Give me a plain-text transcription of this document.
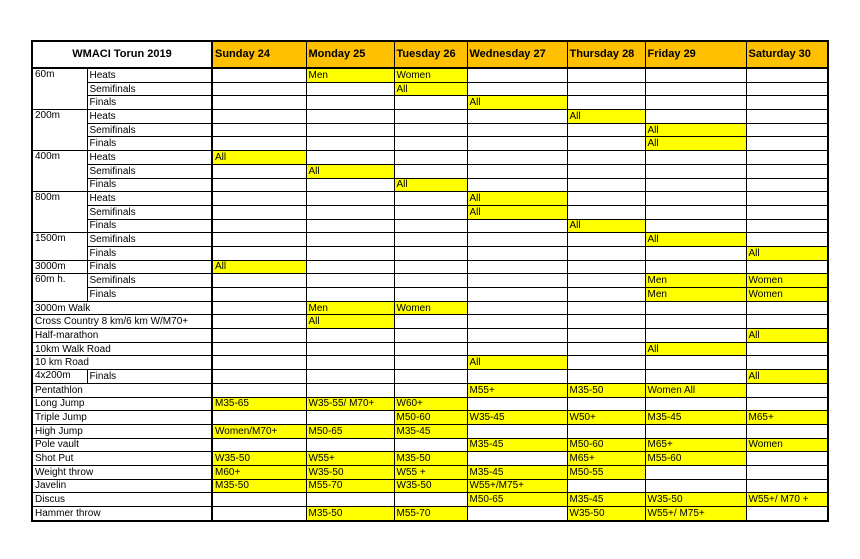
WMACI Torun 2019		Sunday 24	Monday 25	Tuesday 26	Wednesday 27	Thursday 28	Friday 29	Saturday 30
60m	Heats		Men	Women				
	Semifinals			All				
	Finals				All			
200m	Heats					All		
	Semifinals						All	
	Finals						All	
400m	Heats	All						
	Semifinals		All					
	Finals			All				
800m	Heats				All			
	Semifinals				All			
	Finals					All		
1500m	Semifinals						All	
	Finals							All
3000m	Finals	All						
60m h.	Semifinals						Men	Women
	Finals						Men	Women
3000m Walk			Men	Women				
Cross Country 8 km/6 km W/M70+			All					
Half-marathon								All
10km Walk Road							All	
10 km Road					All			
4x200m	Finals							All
Pentathlon					M55+	M35-50	Women All	
Long Jump		M35-65	W35-55/ M70+	W60+				
Triple Jump				M50-60	W35-45	W50+	M35-45	M65+
High Jump		Women/M70+	M50-65	M35-45				
Pole vault					M35-45	M50-60	M65+	Women
Shot Put		W35-50	W55+	M35-50		M65+	M55-60	
Weight throw		M60+	W35-50	W55 +	M35-45	M50-55		
Javelin		M35-50	M55-70	W35-50	W55+/M75+			
Discus					M50-65	M35-45	W35-50	W55+/ M70 +
Hammer throw			M35-50	M55-70		W35-50	W55+/ M75+	
